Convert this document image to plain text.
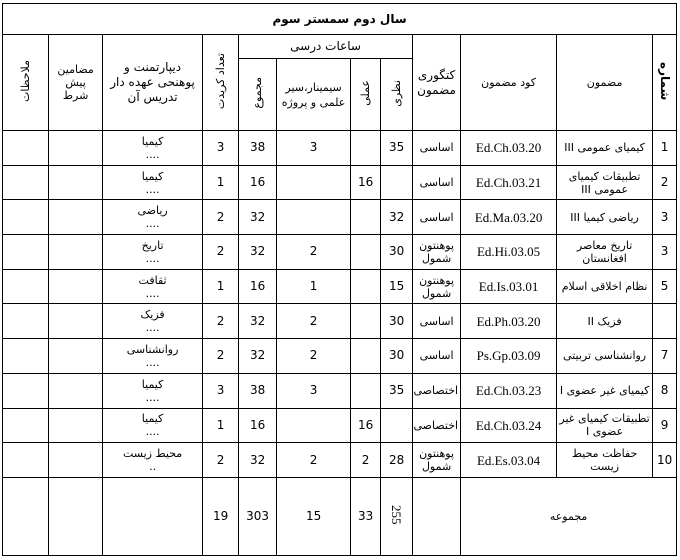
سال دوم سمستر سوم											
شماره	مضمون	کود مضمون	کتگوری مضمون	ساعات درسی				تعداد کریدت	دیپارتمنت و پوهنحی عهده دار تدریس آن	مضامین پیش شرط	ملاحظات
				نظری	عملی	سیمینار،سیر علمی و پروژه	مجموع				
1	کیمیای عمومی III	Ed.Ch.03.20	اساسی	35		3	38	3	کیمیا
....		

2	تطبیقات کیمیای عمومی III	Ed.Ch.03.21	اساسی		16		16	1	کیمیا
....		

3	ریاضی کیمیا III	Ed.Ma.03.20	اساسی	32			32	2	ریاضی
....		

3	تاریخ معاصر افغانستان	Ed.Hi.03.05	پوهنتون شمول	30		2	32	2	تاریخ
....		

5	نظام اخلاقی اسلام	Ed.Is.03.01	پوهنتون شمول	15		1	16	1	ثقافت
....		

	فزیک II	Ed.Ph.03.20	اساسی	30		2	32	2	فزیک
....		

7	روانشناسی تربیتی	Ps.Gp.03.09	اساسی	30		2	32	2	روانشناسی
....		

8	کیمیای غیر عضوی I	Ed.Ch.03.23	اختصاصی	35		3	38	3	کیمیا
....		

9	تطبیقات کیمیای غیر عضوی I	Ed.Ch.03.24	اختصاصی		16		16	1	کیمیا
....		

10	حفاظت محیط زیست	Ed.Es.03.04	پوهنتون شمول	28	2	2	32	2	محیط زیست
..		

مجموعه				255	33	15	303	19			
